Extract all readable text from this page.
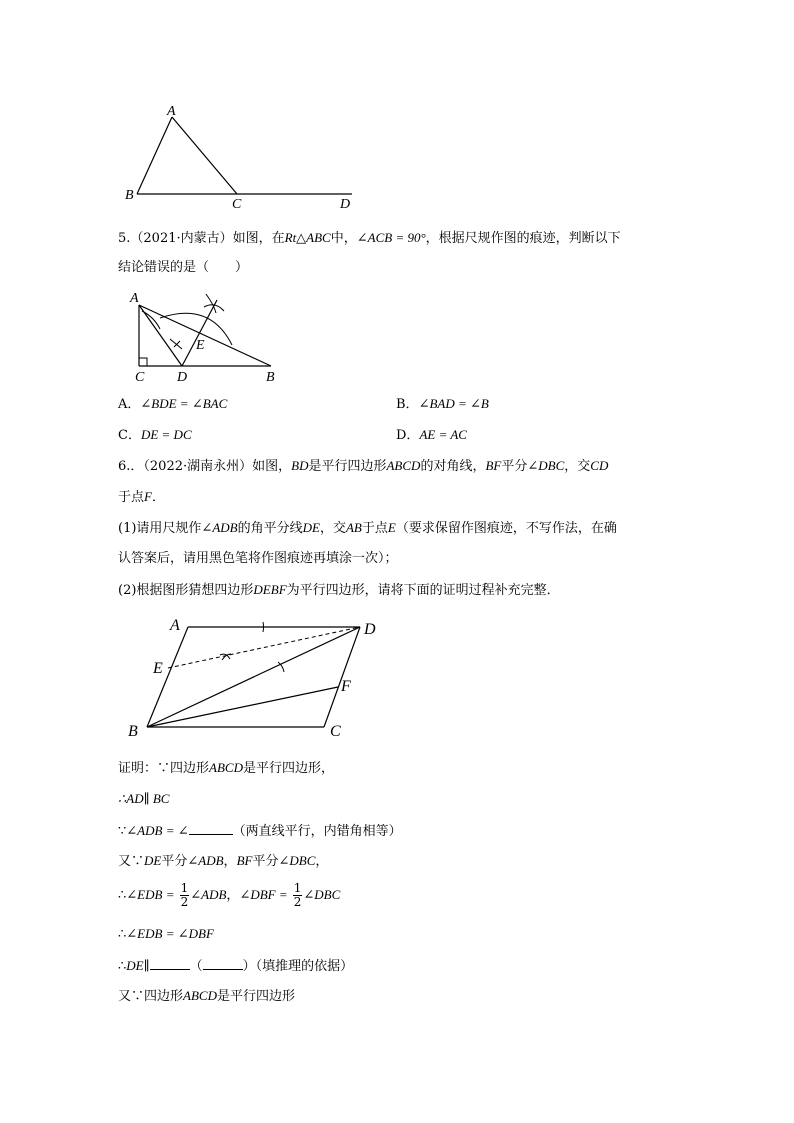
A
B
C	D
5.（2021·内蒙古）如图，在Rt△ABC中，∠ACB = 90°，根据尺规作图的痕迹，判断以下
结论错误的是（　　）
A
C D	B
E
A．∠BDE = ∠BAC	B．∠BAD = ∠B
C．DE = DC	D．AE = AC
6.．（2022·湖南永州）如图，BD是平行四边形ABCD的对角线，BF平分∠DBC，交CD
于点F．
(1)请用尺规作∠ADB的角平分线DE，交AB于点E（要求保留作图痕迹，不写作法，在确
认答案后，请用黑色笔将作图痕迹再填涂一次）；
(2)根据图形猜想四边形DEBF为平行四边形，请将下面的证明过程补充完整．
A	D
E
F
B	C
证明：∵四边形ABCD是平行四边形，
∴AD∥ BC
∵∠ADB = ∠	（两直线平行，内错角相等）
又∵DE平分∠ADB，BF平分∠DBC，
∴∠EDB = $\frac{1}{2}$ ∠ADB，∠DBF = $\frac{1}{2}$ ∠DBC
∴∠EDB = ∠DBF
∴DE∥	（	）（填推理的依据）
又∵四边形ABCD是平行四边形
